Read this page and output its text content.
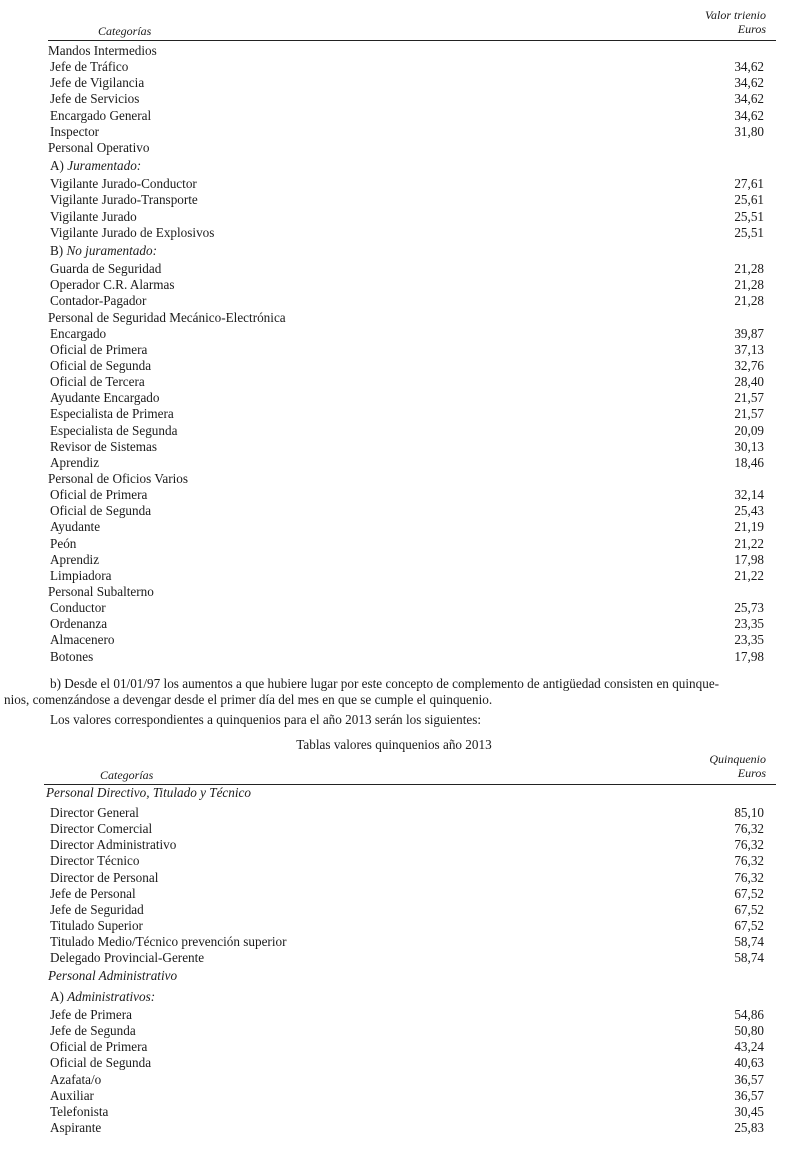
Categorías
Valor trienio
Euros
Mandos Intermedios
Jefe de Tráfico	34,62
Jefe de Vigilancia	34,62
Jefe de Servicios	34,62
Encargado General	34,62
Inspector	31,80
Personal Operativo
A) Juramentado:
Vigilante Jurado-Conductor	27,61
Vigilante Jurado-Transporte	25,61
Vigilante Jurado	25,51
Vigilante Jurado de Explosivos	25,51
B) No juramentado:
Guarda de Seguridad	21,28
Operador C.R. Alarmas	21,28
Contador-Pagador	21,28
Personal de Seguridad Mecánico-Electrónica
Encargado	39,87
Oficial de Primera	37,13
Oficial de Segunda	32,76
Oficial de Tercera	28,40
Ayudante Encargado	21,57
Especialista de Primera	21,57
Especialista de Segunda	20,09
Revisor de Sistemas	30,13
Aprendiz	18,46
Personal de Oficios Varios
Oficial de Primera	32,14
Oficial de Segunda	25,43
Ayudante	21,19
Peón	21,22
Aprendiz	17,98
Limpiadora	21,22
Personal Subalterno
Conductor	25,73
Ordenanza	23,35
Almacenero	23,35
Botones	17,98
b) Desde el 01/01/97 los aumentos a que hubiere lugar por este concepto de complemento de antigüedad consisten en quinque-
nios, comenzándose a devengar desde el primer día del mes en que se cumple el quinquenio.
Los valores correspondientes a quinquenios para el año 2013 serán los siguientes:
Tablas valores quinquenios año 2013
Categorías
Quinquenio
Euros
Personal Directivo, Titulado y Técnico
Director General	85,10
Director Comercial	76,32
Director Administrativo	76,32
Director Técnico	76,32
Director de Personal	76,32
Jefe de Personal	67,52
Jefe de Seguridad	67,52
Titulado Superior	67,52
Titulado Medio/Técnico prevención superior	58,74
Delegado Provincial-Gerente	58,74
Personal Administrativo
A) Administrativos:
Jefe de Primera	54,86
Jefe de Segunda	50,80
Oficial de Primera	43,24
Oficial de Segunda	40,63
Azafata/o	36,57
Auxiliar	36,57
Telefonista	30,45
Aspirante	25,83
